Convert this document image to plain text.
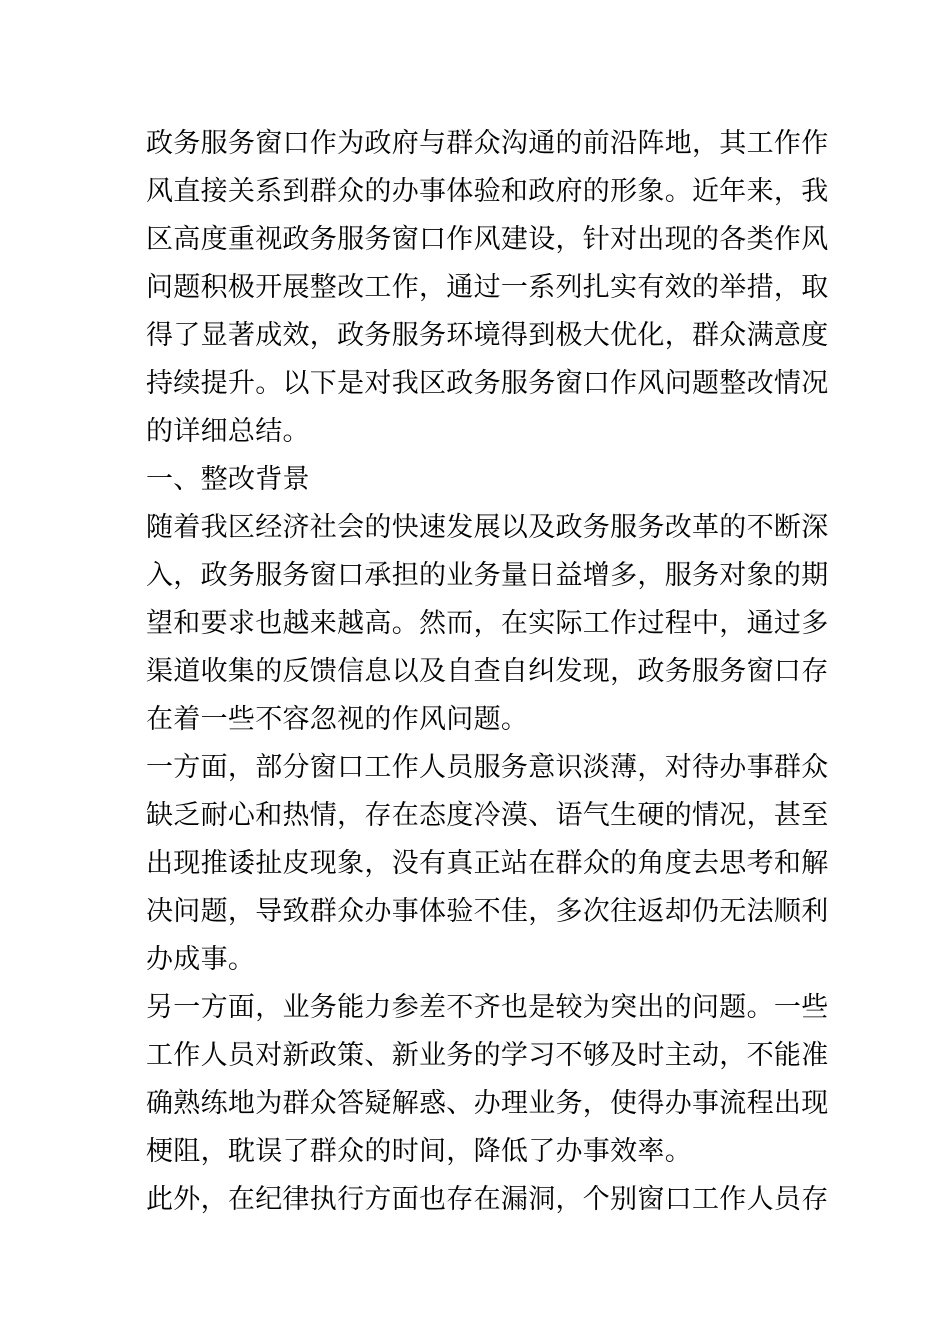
政务服务窗口作为政府与群众沟通的前沿阵地，其工作作
风直接关系到群众的办事体验和政府的形象。近年来，我
区高度重视政务服务窗口作风建设，针对出现的各类作风
问题积极开展整改工作，通过一系列扎实有效的举措，取
得了显著成效，政务服务环境得到极大优化，群众满意度
持续提升。以下是对我区政务服务窗口作风问题整改情况
的详细总结。
一、整改背景
随着我区经济社会的快速发展以及政务服务改革的不断深
入，政务服务窗口承担的业务量日益增多，服务对象的期
望和要求也越来越高。然而，在实际工作过程中，通过多
渠道收集的反馈信息以及自查自纠发现，政务服务窗口存
在着一些不容忽视的作风问题。
一方面，部分窗口工作人员服务意识淡薄，对待办事群众
缺乏耐心和热情，存在态度冷漠、语气生硬的情况，甚至
出现推诿扯皮现象，没有真正站在群众的角度去思考和解
决问题，导致群众办事体验不佳，多次往返却仍无法顺利
办成事。
另一方面，业务能力参差不齐也是较为突出的问题。一些
工作人员对新政策、新业务的学习不够及时主动，不能准
确熟练地为群众答疑解惑、办理业务，使得办事流程出现
梗阻，耽误了群众的时间，降低了办事效率。
此外，在纪律执行方面也存在漏洞，个别窗口工作人员存
